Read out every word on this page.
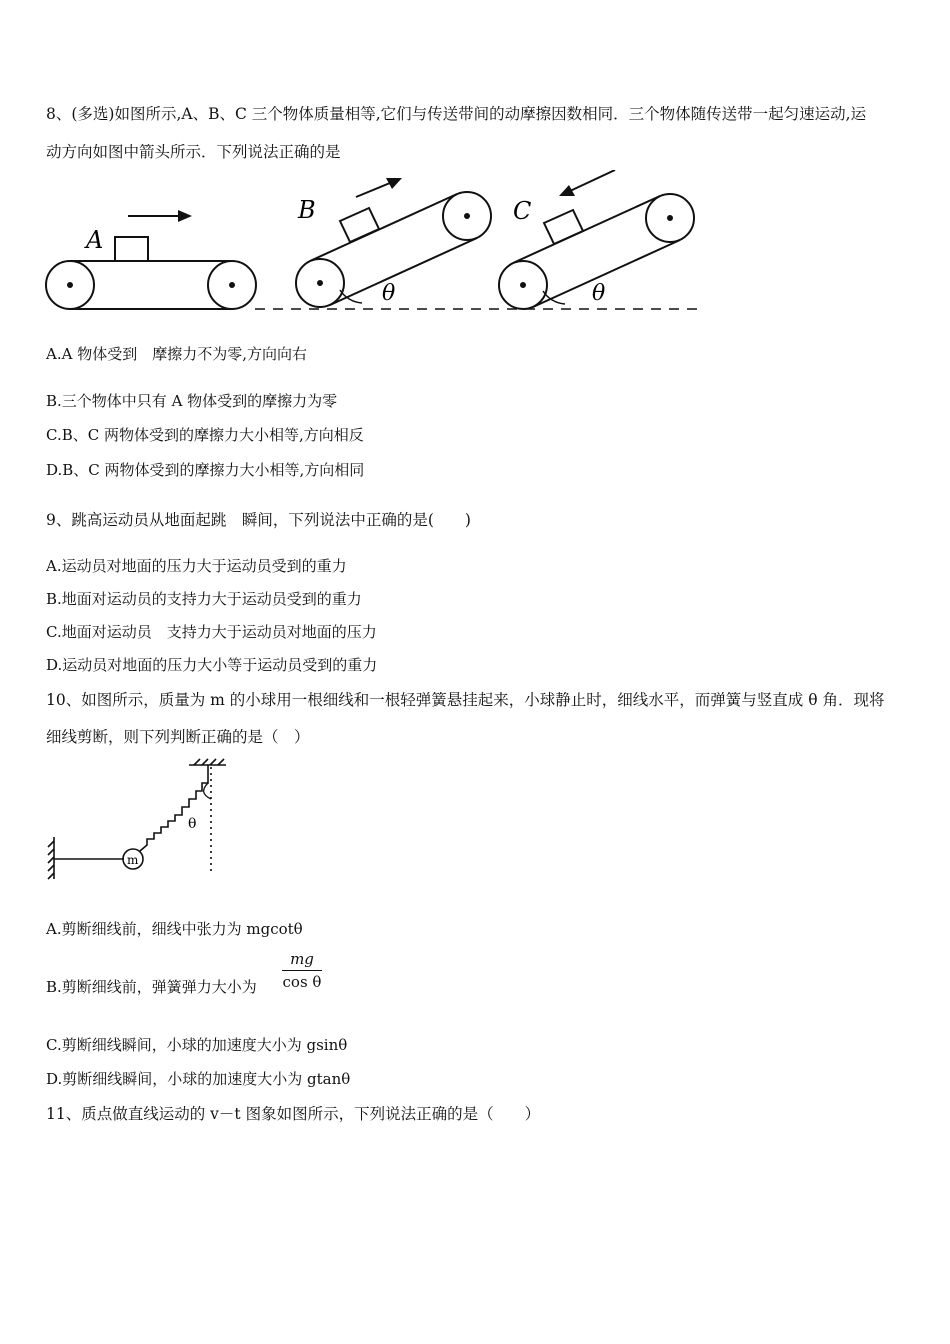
8、(多选)如图所示,A、B、C 三个物体质量相等,它们与传送带间的动摩擦因数相同．三个物体随传送带一起匀速运动,运
动方向如图中箭头所示．下列说法正确的是
A
B	C
θ	θ
A.A 物体受到　摩擦力不为零,方向向右
B.三个物体中只有 A 物体受到的摩擦力为零
C.B、C 两物体受到的摩擦力大小相等,方向相反
D.B、C 两物体受到的摩擦力大小相等,方向相同
9、跳高运动员从地面起跳　瞬间，下列说法中正确的是(　　)
A.运动员对地面的压力大于运动员受到的重力
B.地面对运动员的支持力大于运动员受到的重力
C.地面对运动员　支持力大于运动员对地面的压力
D.运动员对地面的压力大小等于运动员受到的重力
10、如图所示，质量为 m 的小球用一根细线和一根轻弹簧悬挂起来，小球静止时，细线水平，而弹簧与竖直成 θ 角．现将
细线剪断，则下列判断正确的是（　）
θ
m
A.剪断细线前，细线中张力为 mgcotθ
B.剪断细线前，弹簧弹力大小为
mg
cos θ
C.剪断细线瞬间，小球的加速度大小为 gsinθ
D.剪断细线瞬间，小球的加速度大小为 gtanθ
11、质点做直线运动的 v－t 图象如图所示，下列说法正确的是（　　）
